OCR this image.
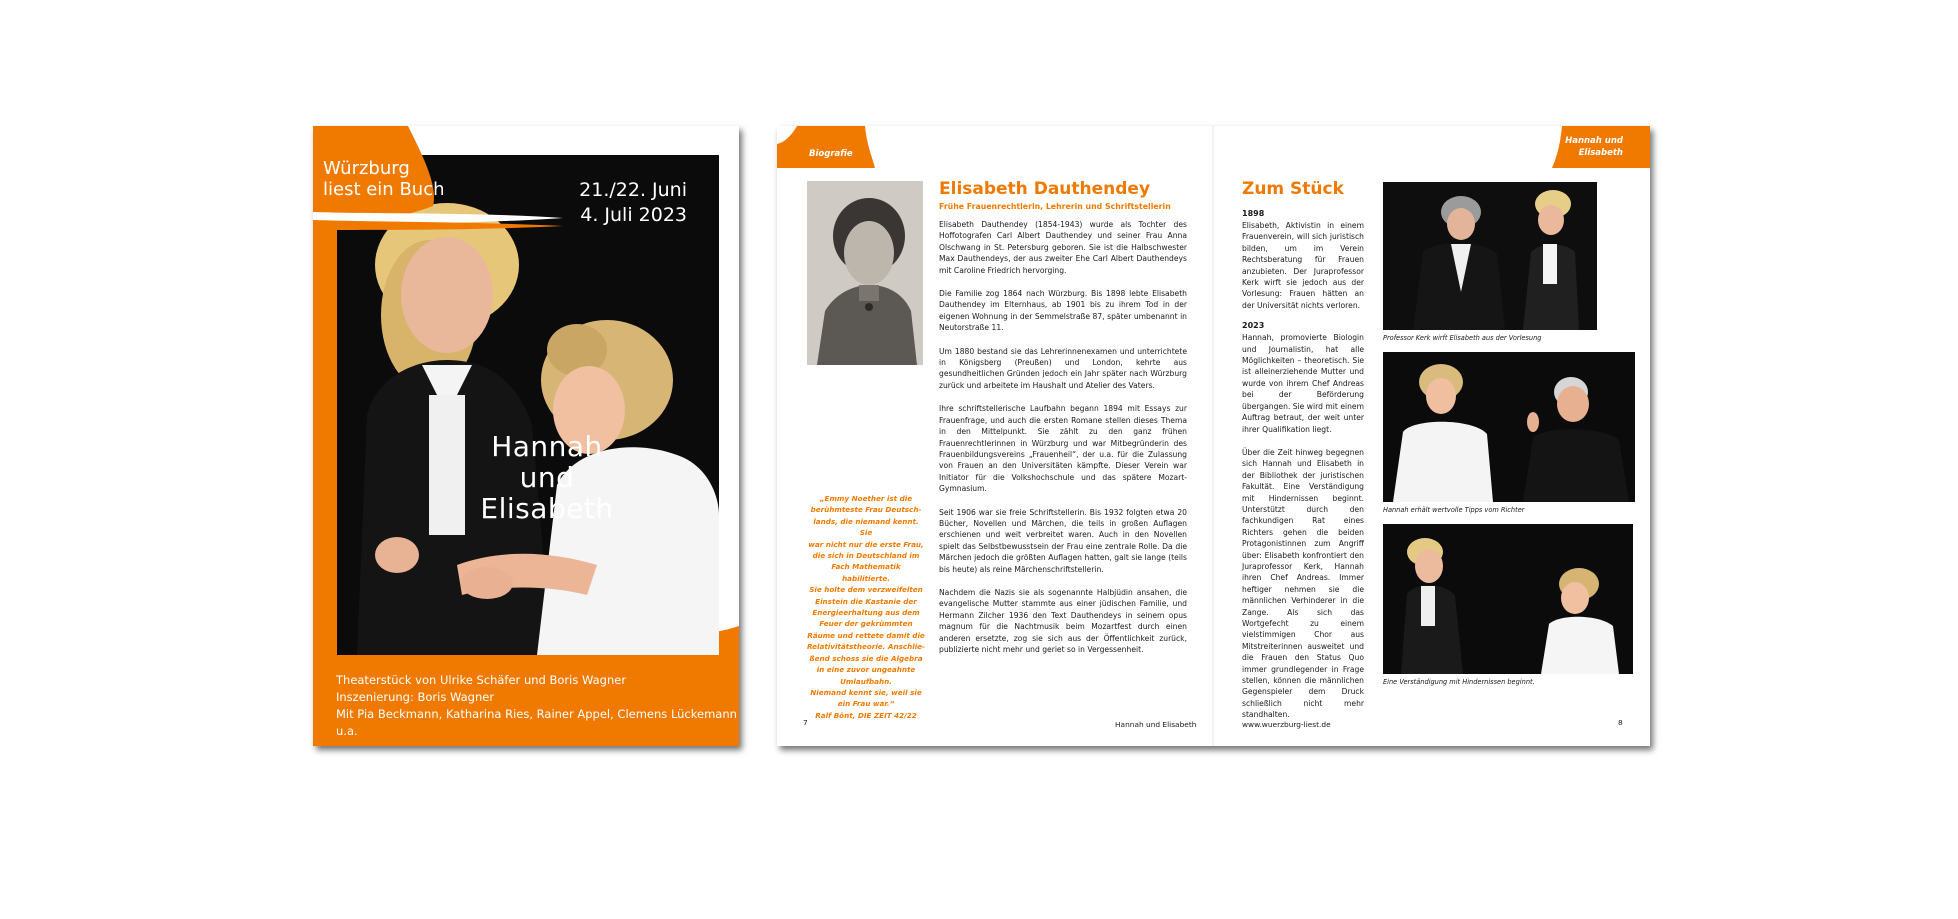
Würzburg
liest ein Buch	21./22. Juni
4. Juli 2023
Hannah
und
Elisabeth
Theaterstück von Ulrike Schäfer und Boris Wagner
Inszenierung: Boris Wagner
Mit Pia Beckmann, Katharina Ries, Rainer Appel, Clemens Lückemann u.a.
Biografie
Hannah und
Elisabeth
„Emmy Noether ist die
berühmteste Frau Deutsch-
lands, die niemand kennt. Sie
war nicht nur die erste Frau,
die sich in Deutschland im
Fach Mathematik habilitierte.
Sie holte dem verzweifelten
Einstein die Kastanie der
Energieerhaltung aus dem
Feuer der gekrümmten
Räume und rettete damit die
Relativitätstheorie. Anschlie-
ßend schoss sie die Algebra
in eine zuvor ungeahnte
Umlaufbahn.
Niemand kennt sie, weil sie
ein Frau war.“
Ralf Bönt, DIE ZEIT 42/22
Elisabeth Dauthendey
Frühe Frauenrechtlerin, Lehrerin und Schriftstellerin

Elisabeth Dauthendey (1854-1943) wurde als Tochter des Hoffotografen Carl Albert Dauthendey und seiner Frau Anna Olschwang in St. Petersburg geboren. Sie ist die Halbschwester Max Dauthendeys, der aus zweiter Ehe Carl Albert Dauthendeys mit Caroline Friedrich hervorging.

Die Familie zog 1864 nach Würzburg. Bis 1898 lebte Elisabeth Dauthendey im Elternhaus, ab 1901 bis zu ihrem Tod in der eigenen Wohnung in der Semmelstraße 87, später umbenannt in Neutorstraße 11.

Um 1880 bestand sie das Lehrerinnenexamen und unterrichtete in Königsberg (Preußen) und London, kehrte aus gesundheitlichen Gründen jedoch ein Jahr später nach Würzburg zurück und arbeitete im Haushalt und Atelier des Vaters.

Ihre schriftstellerische Laufbahn begann 1894 mit Essays zur Frauenfrage, und auch die ersten Romane stellen dieses Thema in den Mittelpunkt. Sie zählt zu den ganz frühen Frauenrechtlerinnen in Würzburg und war Mitbegründerin des Frauenbildungsvereins „Frauenheil“, der u.a. für die Zulassung von Frauen an den Universitäten kämpfte. Dieser Verein war Initiator für die Volkshochschule und das spätere Mozart-Gymnasium.

Seit 1906 war sie freie Schriftstellerin. Bis 1932 folgten etwa 20 Bücher, Novellen und Märchen, die teils in großen Auflagen erschienen und weit verbreitet waren. Auch in den Novellen spielt das Selbstbewusstsein der Frau eine zentrale Rolle. Da die Märchen jedoch die größten Auflagen hatten, galt sie lange (teils bis heute) als reine Märchenschriftstellerin.

Nachdem die Nazis sie als sogenannte Halbjüdin ansahen, die evangelische Mutter stammte aus einer jüdischen Familie, und Hermann Zilcher 1936 den Text Dauthendeys in seinem opus magnum für die Nachtmusik beim Mozartfest durch einen anderen ersetzte, zog sie sich aus der Öffentlichkeit zurück, publizierte nicht mehr und geriet so in Vergessenheit.

Zum Stück
1898

Elisabeth, Aktivistin in einem Frauenverein, will sich juristisch bilden, um im Verein Rechtsberatung für Frauen anzubieten. Der Juraprofessor Kerk wirft sie jedoch aus der Vorlesung: Frauen hätten an der Universität nichts verloren.

2023

Hannah, promovierte Biologin und Journalistin, hat alle Möglichkeiten – theoretisch. Sie ist alleinerziehende Mutter und wurde von ihrem Chef Andreas bei der Beförderung übergangen. Sie wird mit einem Auftrag betraut, der weit unter ihrer Qualifikation liegt.

Über die Zeit hinweg begegnen sich Hannah und Elisabeth in der Bibliothek der juristischen Fakultät. Eine Verständigung mit Hindernissen beginnt. Unterstützt durch den fachkundigen Rat eines Richters gehen die beiden Protagonistinnen zum Angriff über: Elisabeth konfrontiert den Juraprofessor Kerk, Hannah ihren Chef Andreas. Immer heftiger nehmen sie die männlichen Verhinderer in die Zange. Als sich das Wortgefecht zu einem vielstimmigen Chor aus Mitstreiterinnen ausweitet und die Frauen den Status Quo immer grundlegender in Frage stellen, können die männlichen Gegenspieler dem Druck schließlich nicht mehr standhalten.

Professor Kerk wirft Elisabeth aus der Vorlesung
Hannah erhält wertvolle Tipps vom Richter
Eine Verständigung mit Hindernissen beginnt.
7	Hannah und Elisabeth	www.wuerzburg-liest.de	8
